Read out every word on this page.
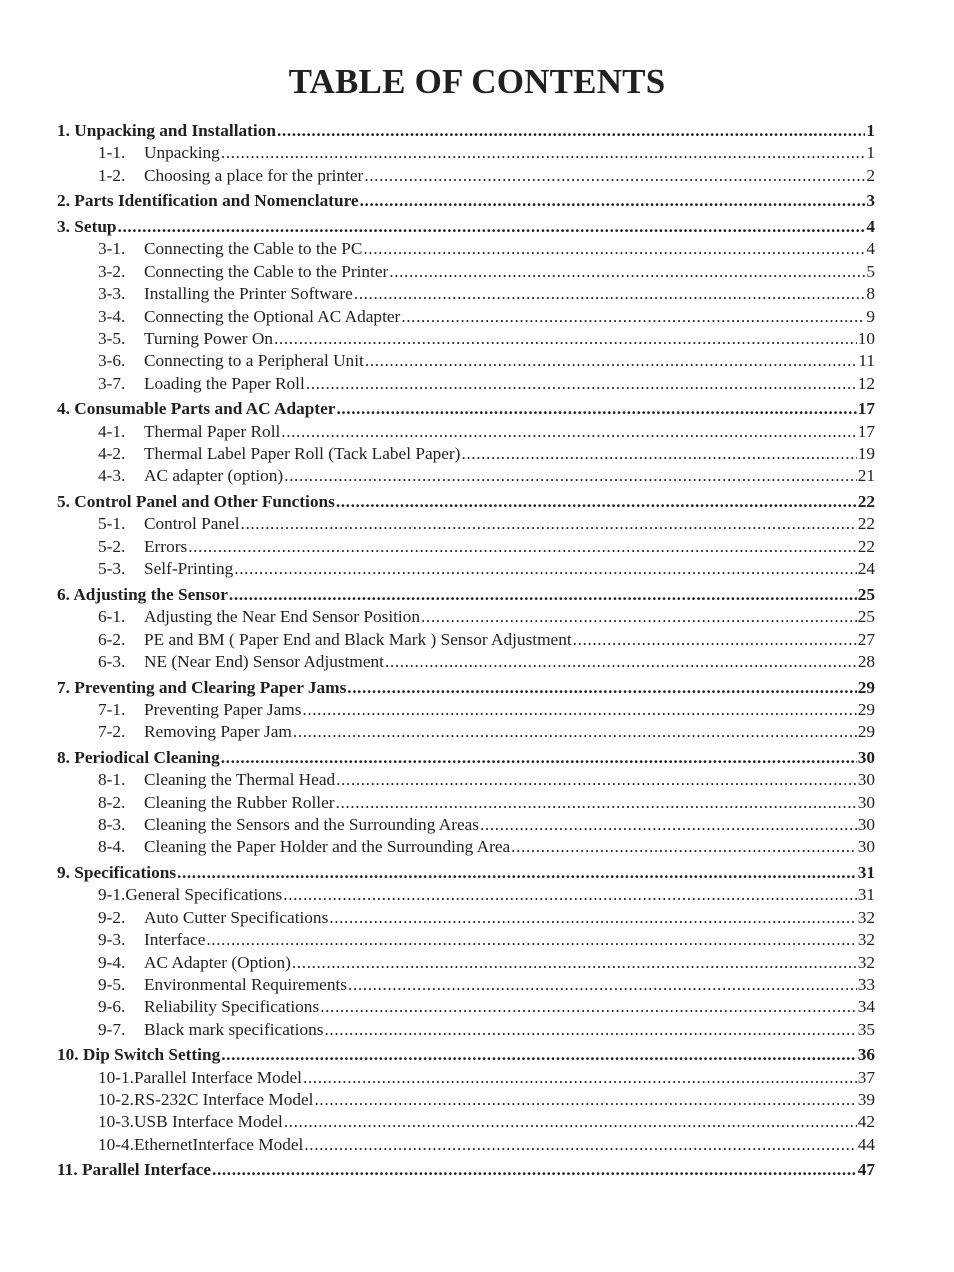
TABLE OF CONTENTS
1. Unpacking and Installation .....	1
1-1.	Unpacking .....	1
1-2.	Choosing a place for the printer .....	2
2. Parts Identification and Nomenclature .....	3
3. Setup .....	4
3-1.	Connecting the Cable to the PC .....	4
3-2.	Connecting the Cable to the Printer .....	5
3-3.	Installing the Printer Software .....	8
3-4.	Connecting the Optional AC Adapter .....	9
3-5.	Turning Power On .....	10
3-6.	Connecting to a Peripheral Unit .....	11
3-7.	Loading the Paper Roll .....	12
4. Consumable Parts and AC Adapter .....	17
4-1.	Thermal Paper Roll .....	17
4-2.	Thermal Label Paper Roll (Tack Label Paper) .....	19
4-3.	AC adapter (option) .....	21
5. Control Panel and Other Functions .....	22
5-1.	Control Panel .....	22
5-2.	Errors .....	22
5-3.	Self-Printing .....	24
6. Adjusting the Sensor .....	25
6-1.	Adjusting the Near End Sensor Position .....	25
6-2.	PE and BM ( Paper End and Black Mark ) Sensor Adjustment .....	27
6-3.	NE (Near End) Sensor Adjustment .....	28
7. Preventing and Clearing Paper Jams .....	29
7-1.	Preventing Paper Jams .....	29
7-2.	Removing Paper Jam .....	29
8. Periodical Cleaning .....	30
8-1.	Cleaning the Thermal Head .....	30
8-2.	Cleaning the Rubber Roller .....	30
8-3.	Cleaning the Sensors and the Surrounding Areas .....	30
8-4.	Cleaning the Paper Holder and the Surrounding Area .....	30
9. Specifications .....	31
9-1. General Specifications .....	31
9-2.	Auto Cutter Specifications .....	32
9-3.	Interface .....	32
9-4.	AC Adapter (Option) .....	32
9-5.	Environmental Requirements .....	33
9-6.	Reliability Specifications .....	34
9-7.	Black mark specifications .....	35
10. Dip Switch Setting .....	36
10-1. Parallel Interface Model .....	37
10-2. RS-232C Interface Model .....	39
10-3. USB Interface Model .....	42
10-4. EthernetInterface Model .....	44
11. Parallel Interface .....	47
